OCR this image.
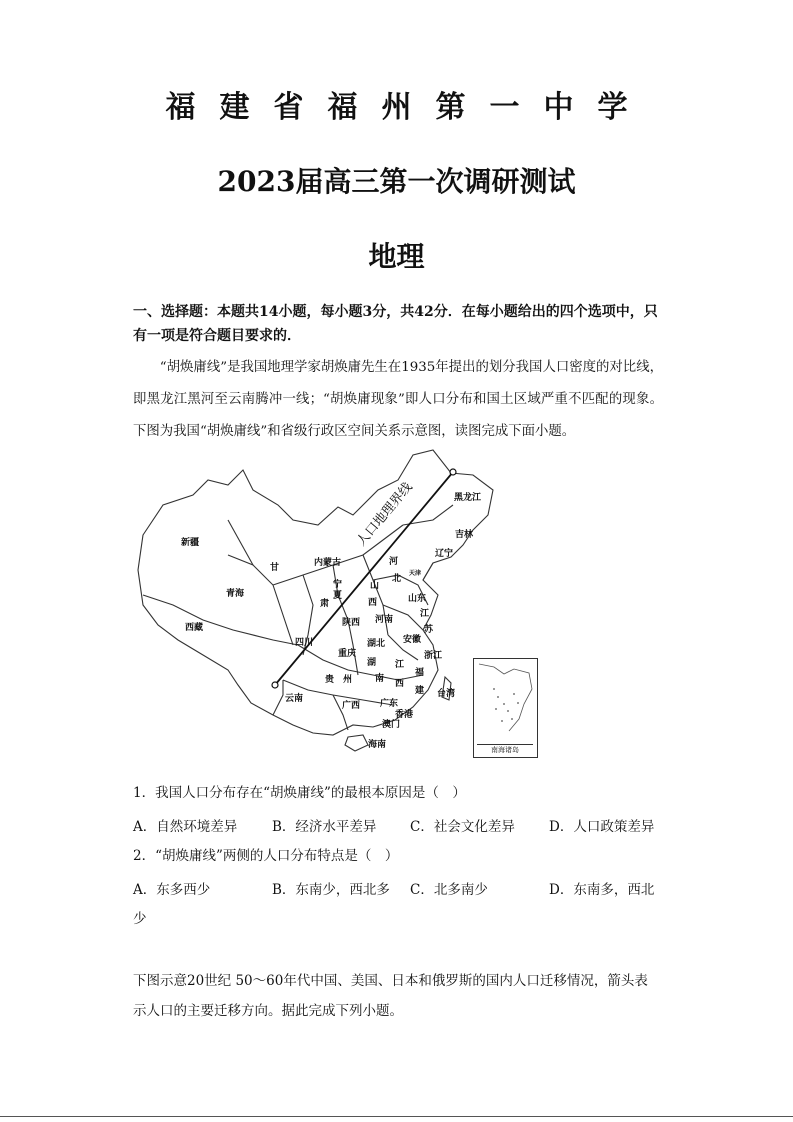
福建省福州第一中学
2023届高三第一次调研测试
地理
一、选择题：本题共14小题，每小题3分，共42分．在每小题给出的四个选项中，只
有一项是符合题目要求的．
“胡焕庸线”是我国地理学家胡焕庸先生在1935年提出的划分我国人口密度的对比线，即黑龙江黑河至云南腾冲一线；“胡焕庸现象”即人口分布和国土区域严重不匹配的现象。下图为我国“胡焕庸线”和省级行政区空间关系示意图，读图完成下面小题。
人口地理界线	黑龙江
吉林
辽宁
新疆
内蒙古
甘
青海
宁
夏
肃
河
北
天津
山
西	山东
江
苏
西藏
四川
陕西 河南
湖北 安徽
重庆
湖
浙江
贵 州	南
江
西
福
建 台湾
云南
广西 广东
香港
澳门
海南	南海诸岛
1．我国人口分布存在“胡焕庸线”的最根本原因是（　）
A．自然环境差异	B．经济水平差异 C．社会文化差异	D．人口政策差异
2．“胡焕庸线”两侧的人口分布特点是（　）
A．东多西少	B．东南少，西北多 C．北多南少	D．东南多，西北
少
下图示意20世纪 50～60年代中国、美国、日本和俄罗斯的国内人口迁移情况，箭头表
示人口的主要迁移方向。据此完成下列小题。
